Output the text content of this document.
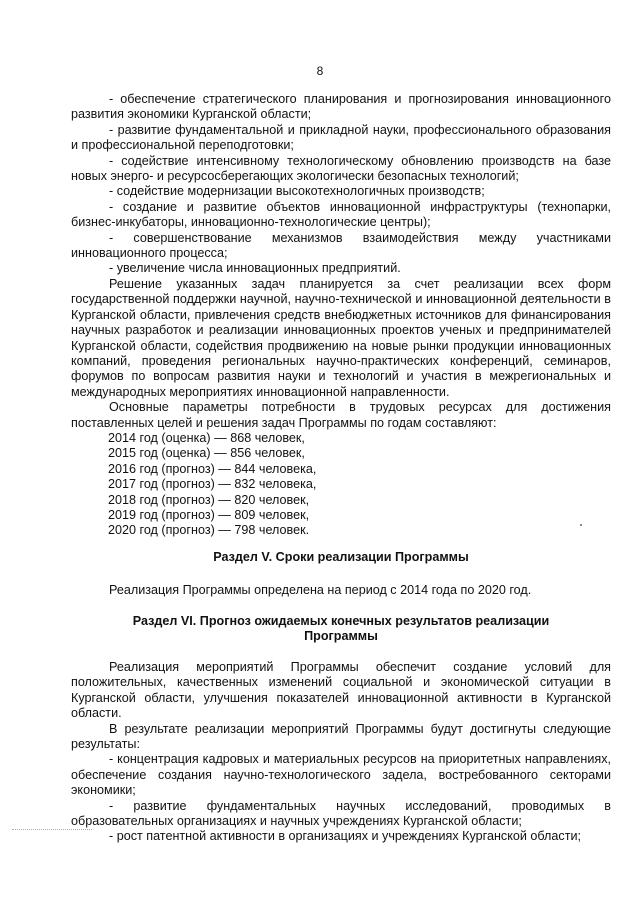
8

- обеспечение стратегического планирования и прогнозирования инновационного развития экономики Курганской области;

- развитие фундаментальной и прикладной науки, профессионального образования и профессиональной переподготовки;

- содействие интенсивному технологическому обновлению производств на базе новых энерго- и ресурсосберегающих экологически безопасных технологий;

- содействие модернизации высокотехнологичных производств;

- создание и развитие объектов инновационной инфраструктуры (технопарки, бизнес-инкубаторы, инновационно-технологические центры);

- совершенствование механизмов взаимодействия между участниками инновационного процесса;

- увеличение числа инновационных предприятий.

Решение указанных задач планируется за счет реализации всех форм государственной поддержки научной, научно-технической и инновационной деятельности в Курганской области, привлечения средств внебюджетных источников для финансирования научных разработок и реализации инновационных проектов ученых и предпринимателей Курганской области, содействия продвижению на новые рынки продукции инновационных компаний, проведения региональных научно-практических конференций, семинаров, форумов по вопросам развития науки и технологий и участия в межрегиональных и международных мероприятиях инновационной направленности.

Основные параметры потребности в трудовых ресурсах для достижения поставленных целей и решения задач Программы по годам составляют:

2014 год (оценка) — 868 человек,

2015 год (оценка) — 856 человек,

2016 год (прогноз) — 844 человека,

2017 год (прогноз) — 832 человека,

2018 год (прогноз) — 820 человек,

2019 год (прогноз) — 809 человек,

2020 год (прогноз) — 798 человек.

Раздел V. Сроки реализации Программы

Реализация Программы определена на период с 2014 года по 2020 год.

Раздел VI. Прогноз ожидаемых конечных результатов реализации

Программы

Реализация мероприятий Программы обеспечит создание условий для положительных, качественных изменений социальной и экономической ситуации в Курганской области, улучшения показателей инновационной активности в Курганской области.

В результате реализации мероприятий Программы будут достигнуты следующие результаты:

- концентрация кадровых и материальных ресурсов на приоритетных направлениях, обеспечение создания научно-технологического задела, востребованного секторами экономики;

- развитие фундаментальных научных исследований, проводимых в образовательных организациях и научных учреждениях Курганской области;

- рост патентной активности в организациях и учреждениях Курганской области;
